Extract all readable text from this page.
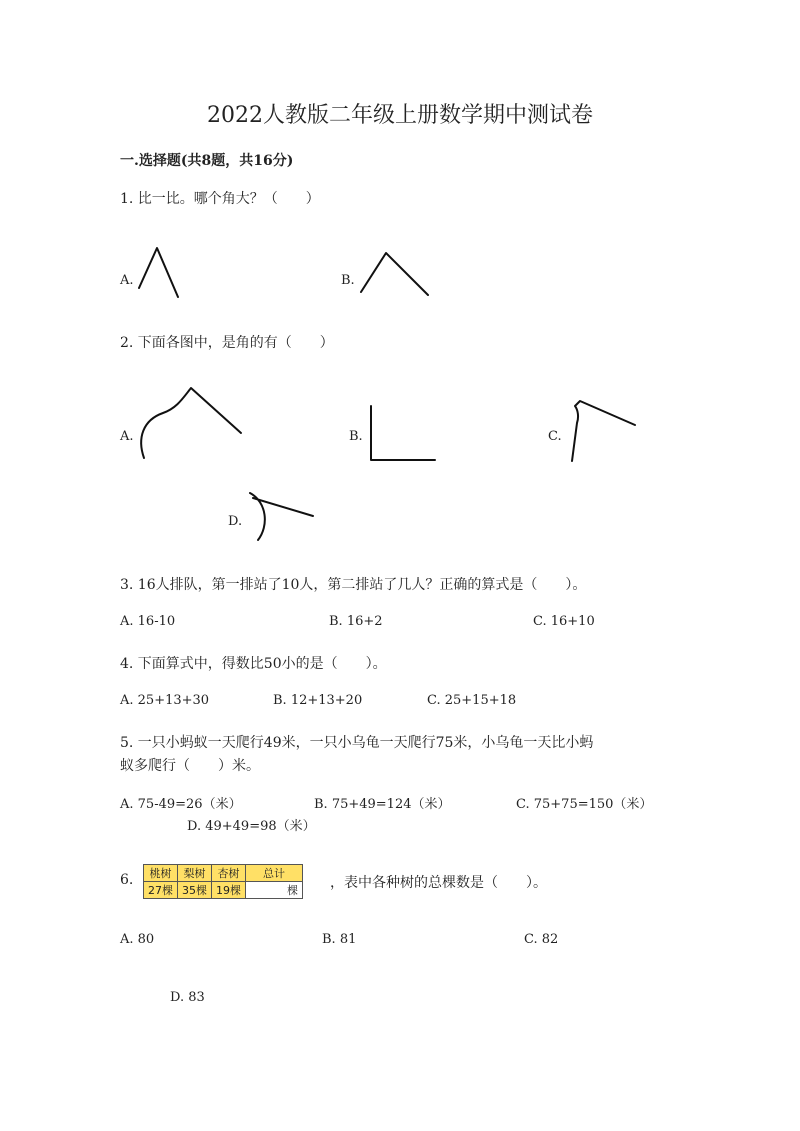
2022人教版二年级上册数学期中测试卷
一.选择题(共8题，共16分)
1. 比一比。哪个角大？（　　）
A.	B.
2. 下面各图中，是角的有（　　）
A.	B.	C.
D.
3. 16人排队，第一排站了10人，第二排站了几人？正确的算式是（　　）。
A. 16-10	B. 16+2	C. 16+10
4. 下面算式中，得数比50小的是（　　）。
A. 25+13+30	B. 12+13+20	C. 25+15+18
5. 一只小蚂蚁一天爬行49米，一只小乌龟一天爬行75米，小乌龟一天比小蚂
蚁多爬行（　　）米。
A. 75-49=26（米）	B. 75+49=124（米）	C. 75+75=150（米）
D. 49+49=98（米）
6. 桃树	梨树	杏树	总计
27棵	35棵	19棵	棵 ，表中各种树的总棵数是（　　）。
A. 80	B. 81	C. 82
D. 83
